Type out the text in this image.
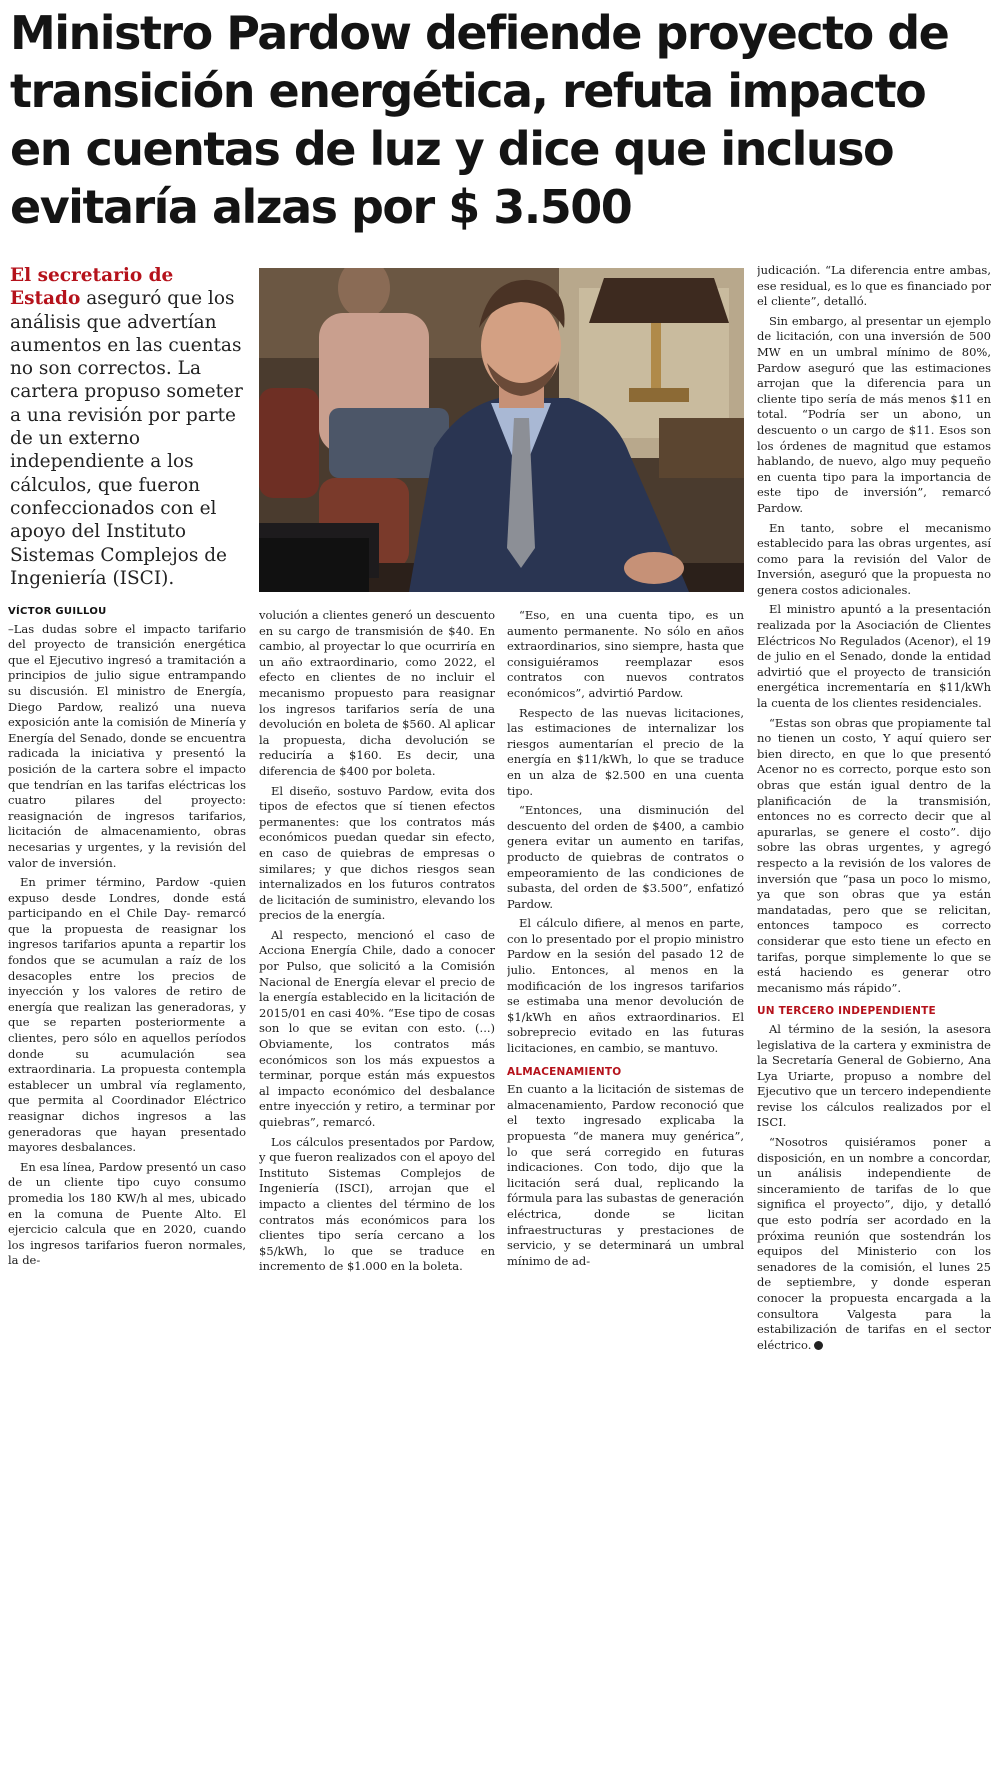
Ministro Pardow defiende proyecto de transición energética, refuta impacto en cuentas de luz y dice que incluso evitaría alzas por $ 3.500
El secretario de Estado aseguró que los análisis que advertían aumentos en las cuentas no son correctos. La cartera propuso someter a una revisión por parte de un externo independiente a los cálculos, que fueron confeccionados con el apoyo del Instituto Sistemas Complejos de Ingeniería (ISCI).
VÍCTOR GUILLOU

–Las dudas sobre el impacto tarifario del proyecto de transición energética que el Ejecutivo ingresó a tramitación a principios de julio sigue entrampando su discusión. El ministro de Energía, Diego Pardow, realizó una nueva exposición ante la comisión de Minería y Energía del Senado, donde se encuentra radicada la iniciativa y presentó la posición de la cartera sobre el impacto que tendrían en las tarifas eléctricas los cuatro pilares del proyecto: reasignación de ingresos tarifarios, licitación de almacenamiento, obras necesarias y urgentes, y la revisión del valor de inversión.

En primer término, Pardow -quien expuso desde Londres, donde está participando en el Chile Day- remarcó que la propuesta de reasignar los ingresos tarifarios apunta a repartir los fondos que se acumulan a raíz de los desacoples entre los precios de inyección y los valores de retiro de energía que realizan las generadoras, y que se reparten posteriormente a clientes, pero sólo en aquellos períodos donde su acumulación sea extraordinaria. La propuesta contempla establecer un umbral vía reglamento, que permita al Coordinador Eléctrico reasignar dichos ingresos a las generadoras que hayan presentado mayores desbalances.

En esa línea, Pardow presentó un caso de un cliente tipo cuyo consumo promedia los 180 KW/h al mes, ubicado en la comuna de Puente Alto. El ejercicio calcula que en 2020, cuando los ingresos tarifarios fueron normales, la de-

volución a clientes generó un descuento en su cargo de transmisión de $40. En cambio, al proyectar lo que ocurriría en un año extraordinario, como 2022, el efecto en clientes de no incluir el mecanismo propuesto para reasignar los ingresos tarifarios sería de una devolución en boleta de $560. Al aplicar la propuesta, dicha devolución se reduciría a $160. Es decir, una diferencia de $400 por boleta.

El diseño, sostuvo Pardow, evita dos tipos de efectos que sí tienen efectos permanentes: que los contratos más económicos puedan quedar sin efecto, en caso de quiebras de empresas o similares; y que dichos riesgos sean internalizados en los futuros contratos de licitación de suministro, elevando los precios de la energía.

Al respecto, mencionó el caso de Acciona Energía Chile, dado a conocer por Pulso, que solicitó a la Comisión Nacional de Energía elevar el precio de la energía establecido en la licitación de 2015/01 en casi 40%. “Ese tipo de cosas son lo que se evitan con esto. (...) Obviamente, los contratos más económicos son los más expuestos a terminar, porque están más expuestos al impacto económico del desbalance entre inyección y retiro, a terminar por quiebras”, remarcó.

Los cálculos presentados por Pardow, y que fueron realizados con el apoyo del Instituto Sistemas Complejos de Ingeniería (ISCI), arrojan que el impacto a clientes del término de los contratos más económicos para los clientes tipo sería cercano a los $5/kWh, lo que se traduce en incremento de $1.000 en la boleta.

“Eso, en una cuenta tipo, es un aumento permanente. No sólo en años extraordinarios, sino siempre, hasta que consiguiéramos reemplazar esos contratos con nuevos contratos económicos”, advirtió Pardow.

Respecto de las nuevas licitaciones, las estimaciones de internalizar los riesgos aumentarían el precio de la energía en $11/kWh, lo que se traduce en un alza de $2.500 en una cuenta tipo.

“Entonces, una disminución del descuento del orden de $400, a cambio genera evitar un aumento en tarifas, producto de quiebras de contratos o empeoramiento de las condiciones de subasta, del orden de $3.500”, enfatizó Pardow.

El cálculo difiere, al menos en parte, con lo presentado por el propio ministro Pardow en la sesión del pasado 12 de julio. Entonces, al menos en la modificación de los ingresos tarifarios se estimaba una menor devolución de $1/kWh en años extraordinarios. El sobreprecio evitado en las futuras licitaciones, en cambio, se mantuvo.

ALMACENAMIENTO

En cuanto a la licitación de sistemas de almacenamiento, Pardow reconoció que el texto ingresado explicaba la propuesta “de manera muy genérica”, lo que será corregido en futuras indicaciones. Con todo, dijo que la licitación será dual, replicando la fórmula para las subastas de generación eléctrica, donde se licitan infraestructuras y prestaciones de servicio, y se determinará un umbral mínimo de ad-

judicación. “La diferencia entre ambas, ese residual, es lo que es financiado por el cliente”, detalló.

Sin embargo, al presentar un ejemplo de licitación, con una inversión de 500 MW en un umbral mínimo de 80%, Pardow aseguró que las estimaciones arrojan que la diferencia para un cliente tipo sería de más menos $11 en total. “Podría ser un abono, un descuento o un cargo de $11. Esos son los órdenes de magnitud que estamos hablando, de nuevo, algo muy pequeño en cuenta tipo para la importancia de este tipo de inversión”, remarcó Pardow.

En tanto, sobre el mecanismo establecido para las obras urgentes, así como para la revisión del Valor de Inversión, aseguró que la propuesta no genera costos adicionales.

El ministro apuntó a la presentación realizada por la Asociación de Clientes Eléctricos No Regulados (Acenor), el 19 de julio en el Senado, donde la entidad advirtió que el proyecto de transición energética incrementaría en $11/kWh la cuenta de los clientes residenciales.

“Estas son obras que propiamente tal no tienen un costo, Y aquí quiero ser bien directo, en que lo que presentó Acenor no es correcto, porque esto son obras que están igual dentro de la planificación de la transmisión, entonces no es correcto decir que al apurarlas, se genere el costo”. dijo sobre las obras urgentes, y agregó respecto a la revisión de los valores de inversión que “pasa un poco lo mismo, ya que son obras que ya están mandatadas, pero que se relicitan, entonces tampoco es correcto considerar que esto tiene un efecto en tarifas, porque simplemente lo que se está haciendo es generar otro mecanismo más rápido”.

UN TERCERO INDEPENDIENTE

Al término de la sesión, la asesora legislativa de la cartera y exministra de la Secretaría General de Gobierno, Ana Lya Uriarte, propuso a nombre del Ejecutivo que un tercero independiente revise los cálculos realizados por el ISCI.

“Nosotros quisiéramos poner a disposición, en un nombre a concordar, un análisis independiente de sinceramiento de tarifas de lo que significa el proyecto”, dijo, y detalló que esto podría ser acordado en la próxima reunión que sostendrán los equipos del Ministerio con los senadores de la comisión, el lunes 25 de septiembre, y donde esperan conocer la propuesta encargada a la consultora Valgesta para la estabilización de tarifas en el sector eléctrico.
